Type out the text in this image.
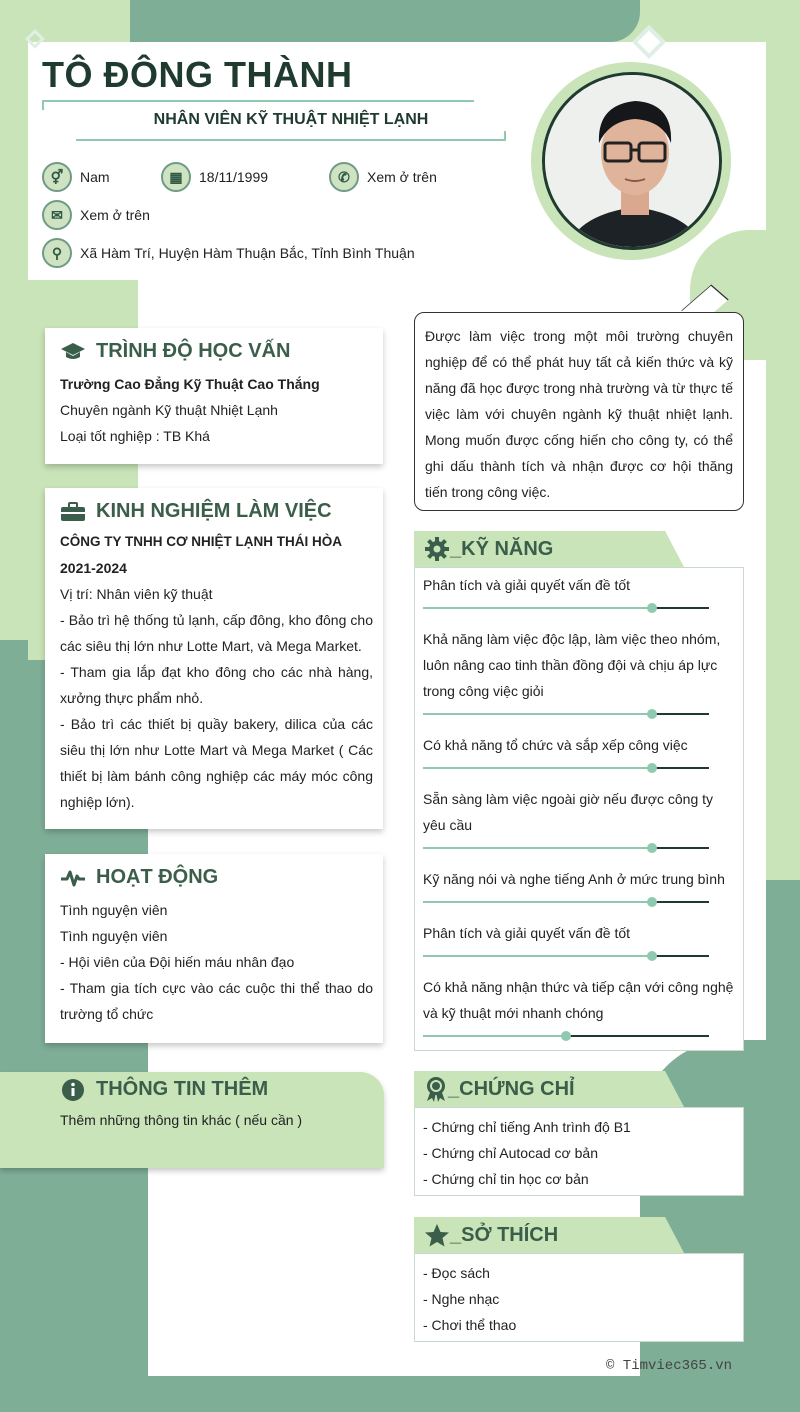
TÔ ĐÔNG THÀNH
NHÂN VIÊN KỸ THUẬT NHIỆT LẠNH
⚥	Nam	▦	18/11/1999	✆	Xem ở trên
✉	Xem ở trên
⚲	Xã Hàm Trí, Huyện Hàm Thuận Bắc, Tỉnh Bình Thuận
Được làm việc trong một môi trường chuyên nghiệp để có thể phát huy tất cả kiến thức và kỹ năng đã học được trong nhà trường và từ thực tế việc làm với chuyên ngành kỹ thuật nhiệt lạnh. Mong muốn được cống hiến cho công ty, có thể ghi dấu thành tích và nhận được cơ hội thăng tiến trong công việc.
TRÌNH ĐỘ HỌC VẤN
Trường Cao Đẳng Kỹ Thuật Cao Thắng
Chuyên ngành Kỹ thuật Nhiệt Lạnh
Loại tốt nghiệp : TB Khá
KINH NGHIỆM LÀM VIỆC
CÔNG TY TNHH CƠ NHIỆT LẠNH THÁI HÒA
2021-2024
Vị trí: Nhân viên kỹ thuật
- Bảo trì hệ thống tủ lạnh, cấp đông, kho đông cho các siêu thị lớn như Lotte Mart, và Mega Market.
- Tham gia lắp đạt kho đông cho các nhà hàng, xưởng thực phẩm nhỏ.
- Bảo trì các thiết bị quầy bakery, dilica của các siêu thị lớn như Lotte Mart và Mega Market ( Các thiết bị làm bánh công nghiệp các máy móc công nghiệp lớn).
HOẠT ĐỘNG
Tình nguyện viên
Tình nguyện viên
- Hội viên của Đội hiến máu nhân đạo
- Tham gia tích cực vào các cuộc thi thể thao do trường tổ chức
THÔNG TIN THÊM
Thêm những thông tin khác ( nếu cần )
_KỸ NĂNG
Phân tích và giải quyết vấn đề tốt
Khả năng làm việc độc lập, làm việc theo nhóm, luôn nâng cao tinh thần đồng đội và chịu áp lực trong công việc giỏi
Có khả năng tổ chức và sắp xếp công việc
Sẵn sàng làm việc ngoài giờ nếu được công ty yêu cầu
Kỹ năng nói và nghe tiếng Anh ở mức trung bình
Phân tích và giải quyết vấn đề tốt
Có khả năng nhận thức và tiếp cận với công nghệ và kỹ thuật mới nhanh chóng
_CHỨNG CHỈ
- Chứng chỉ tiếng Anh trình độ B1
- Chứng chỉ Autocad cơ bản
- Chứng chỉ tin học cơ bản
_SỞ THÍCH
- Đọc sách
- Nghe nhạc
- Chơi thể thao
© Timviec365.vn
